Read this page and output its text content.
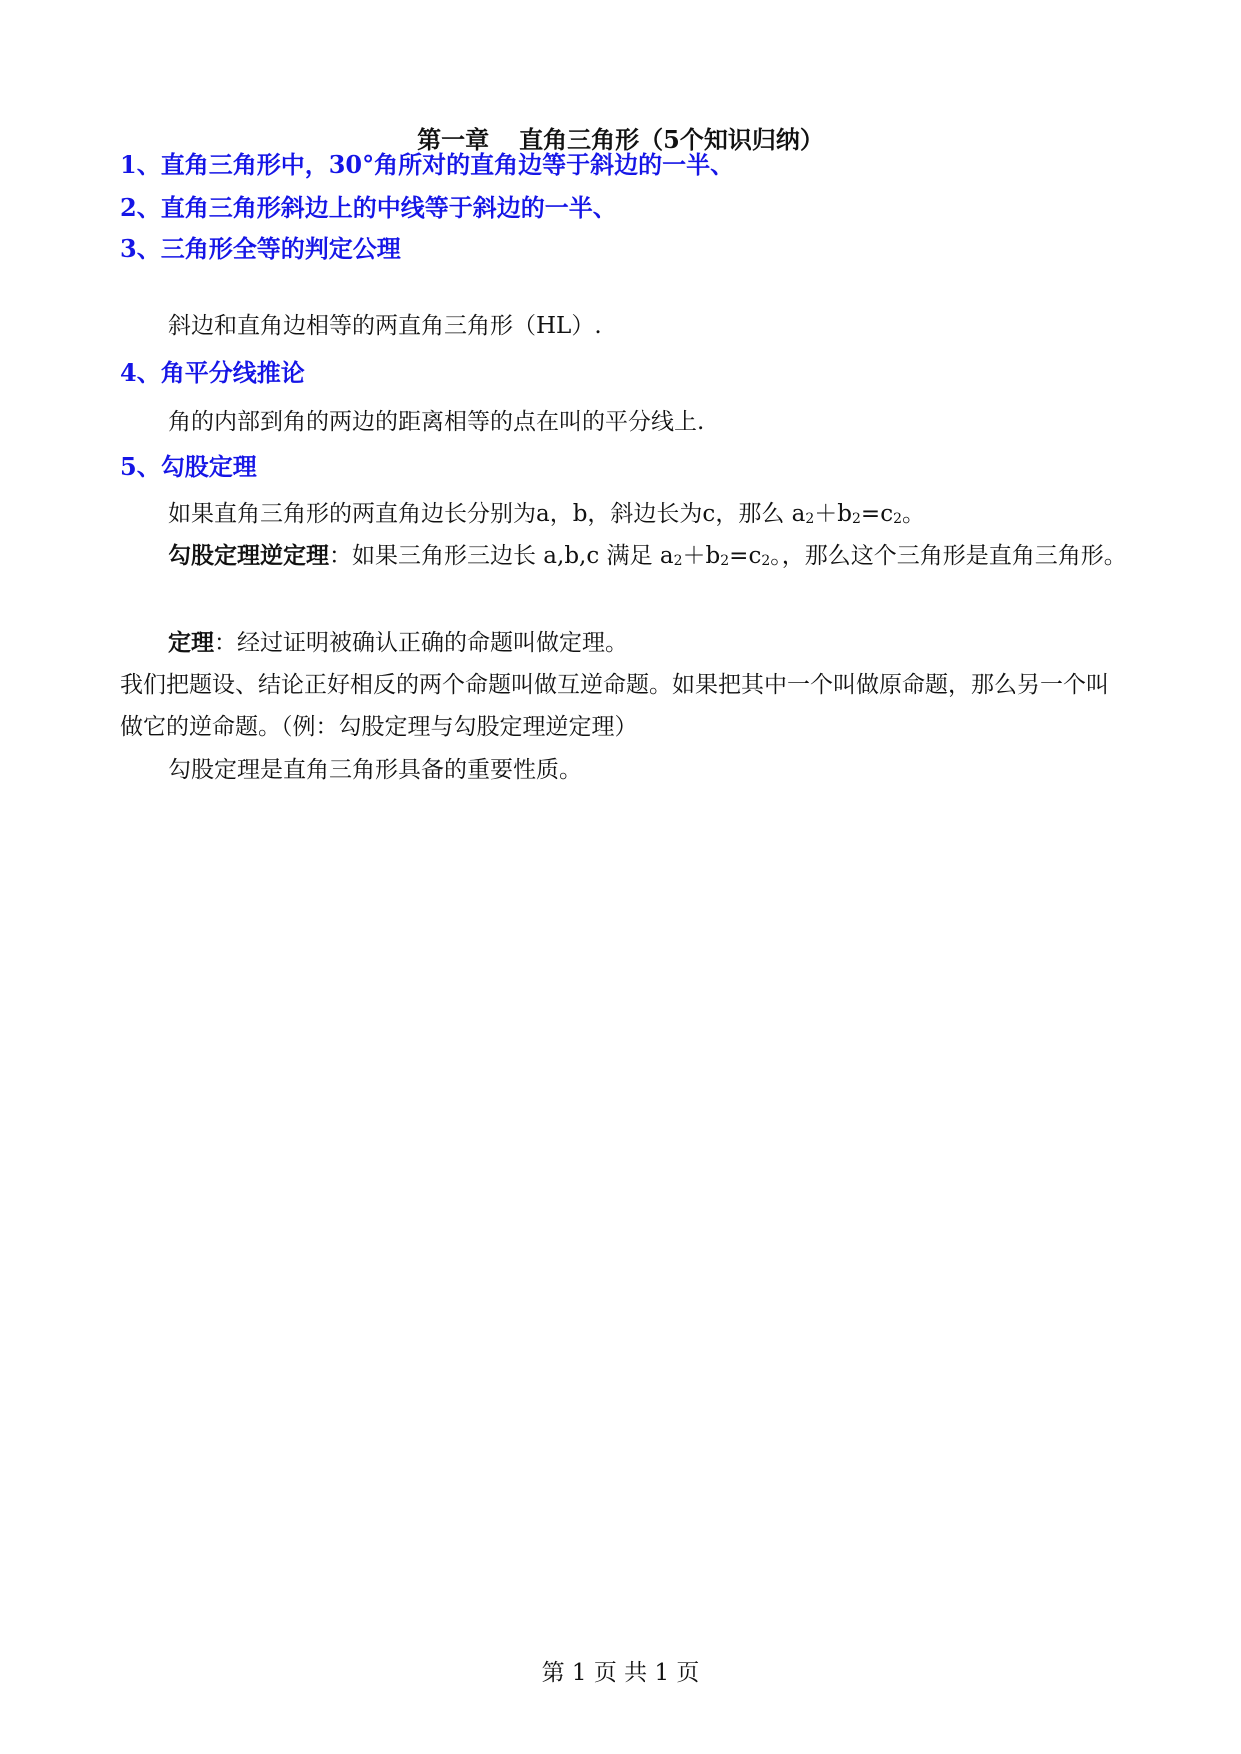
第一章 直角三角形（5个知识归纳）
1、直角三角形中，30°角所对的直角边等于斜边的一半、
2、直角三角形斜边上的中线等于斜边的一半、
3、三角形全等的判定公理
斜边和直角边相等的两直角三角形（HL）.
4、角平分线推论
角的内部到角的两边的距离相等的点在叫的平分线上.
5、勾股定理
如果直角三角形的两直角边长分别为a，b，斜边长为c，那么 $a_2+b_2=c_2$。
勾股定理逆定理：如果三角形三边长 a,b,c 满足 $a_2+b_2=c_2$。，那么这个三角形是直角三角形。
定理：经过证明被确认正确的命题叫做定理。
我们把题设、结论正好相反的两个命题叫做互逆命题。如果把其中一个叫做原命题，那么另一个叫做它的逆命题。（例：勾股定理与勾股定理逆定理）
勾股定理是直角三角形具备的重要性质。
第 1 页 共 1 页
